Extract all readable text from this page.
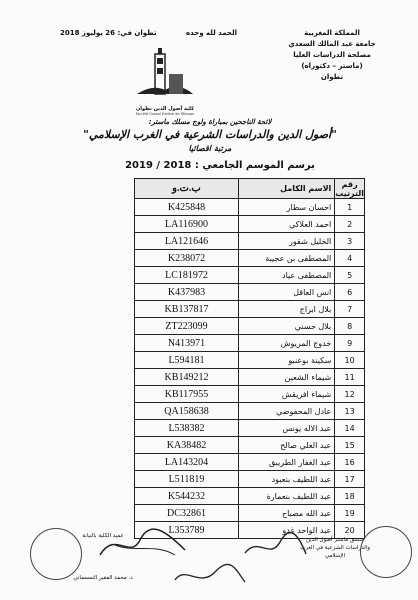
المملكة المغربية
جامعة عبد المالك السعدي
مصلحة الدراسات العليا
(ماستر – دكتوراه)
تطوان
الحمد لله وحده
تطوان في: 26 يوليوز 2018
كلية أصول الدين تطوان
Faculté Ossoul Eddine de Tétouan
لائحة الناجحين بمباراة ولوج مسلك ماستر:
"أصول الدين والدراسات الشرعية في الغرب الإسلامي"
مرتبة اقصائيا
برسم الموسم الجامعي : 2018 / 2019
رقم الترتيب	الاسم الكامل	ب.ت.و
1	احسان سطار	K425848
2	احمد العلاكي	LA116900
3	الخليل شقور	LA121646
4	المصطفى بن عجيبة	K238072
5	المصطفى عياد	LC181972
6	انس العاقل	K437983
7	بلال ابراج	KB137817
8	بلال حسني	ZT223099
9	خدوج المريوش	N413971
10	سكينة بوعنبو	L594181
11	شيماء الشعين	KB149212
12	شيماء افريقش	KB117955
13	عادل المحفوضي	QA158638
14	عبد الاله يونس	L538382
15	عبد العلي صالح	KA38482
16	عبد الغفار الطريبق	LA143204
17	عبد اللطيف بنعبود	L511819
18	عبد اللطيف بنعمارة	K544232
19	عبد الله مصباح	DC32861
20	عبد الواحد غدو	L353789
عميد الكلية بالنيابة
د. محمد الفقير التمسماني
منسق ماستر أصول الدين والدراسات الشرعية في الغرب الإسلامي
